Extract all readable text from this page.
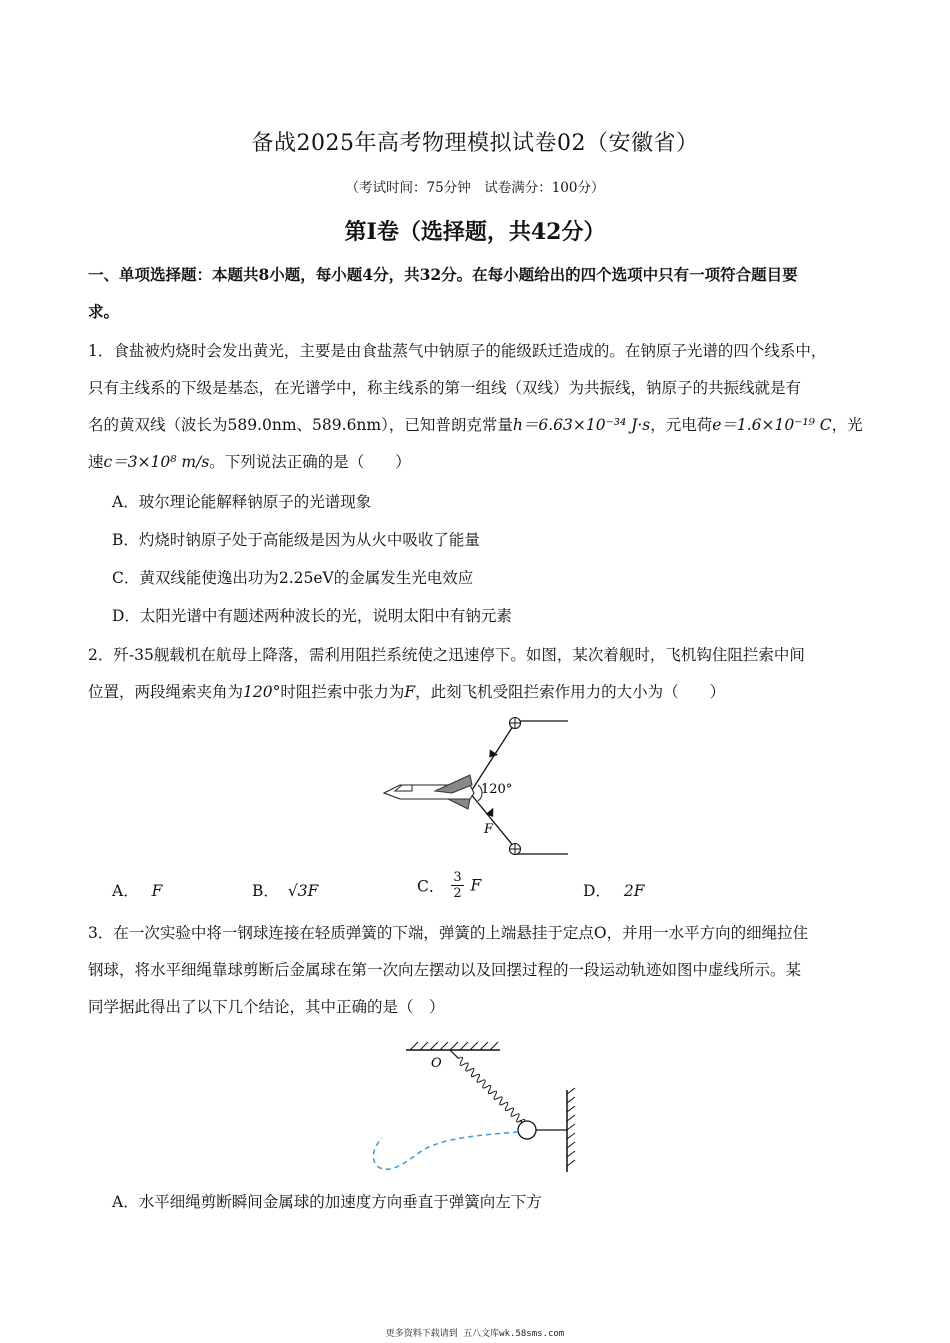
备战2025年高考物理模拟试卷02（安徽省）
（考试时间：75分钟　试卷满分：100分）
第I卷（选择题，共42分）
一、单项选择题：本题共8小题，每小题4分，共32分。在每小题给出的四个选项中只有一项符合题目要
求。
1．食盐被灼烧时会发出黄光，主要是由食盐蒸气中钠原子的能级跃迁造成的。在钠原子光谱的四个线系中，
只有主线系的下级是基态，在光谱学中，称主线系的第一组线（双线）为共振线，钠原子的共振线就是有
名的黄双线（波长为589.0nm、589.6nm），已知普朗克常量h＝6.63×10⁻³⁴ J·s，元电荷e＝1.6×10⁻¹⁹ C，光
速c＝3×10⁸ m/s。下列说法正确的是（　　）
A．玻尔理论能解释钠原子的光谱现象
B．灼烧时钠原子处于高能级是因为从火中吸收了能量
C．黄双线能使逸出功为2.25eV的金属发生光电效应
D．太阳光谱中有题述两种波长的光，说明太阳中有钠元素
2．歼-35舰载机在航母上降落，需利用阻拦系统使之迅速停下。如图，某次着舰时，飞机钩住阻拦索中间
位置，两段绳索夹角为120°时阻拦索中张力为F，此刻飞机受阻拦索作用力的大小为（　　）
120°
F
A． F	B． √3F	C． $\frac{3}{2}$ F	D． 2F
3．在一次实验中将一钢球连接在轻质弹簧的下端，弹簧的上端悬挂于定点O，并用一水平方向的细绳拉住
钢球，将水平细绳靠球剪断后金属球在第一次向左摆动以及回摆过程的一段运动轨迹如图中虚线所示。某
同学据此得出了以下几个结论，其中正确的是（　）
O
A．水平细绳剪断瞬间金属球的加速度方向垂直于弹簧向左下方
更多资料下载请到 五八文库wk.58sms.com
